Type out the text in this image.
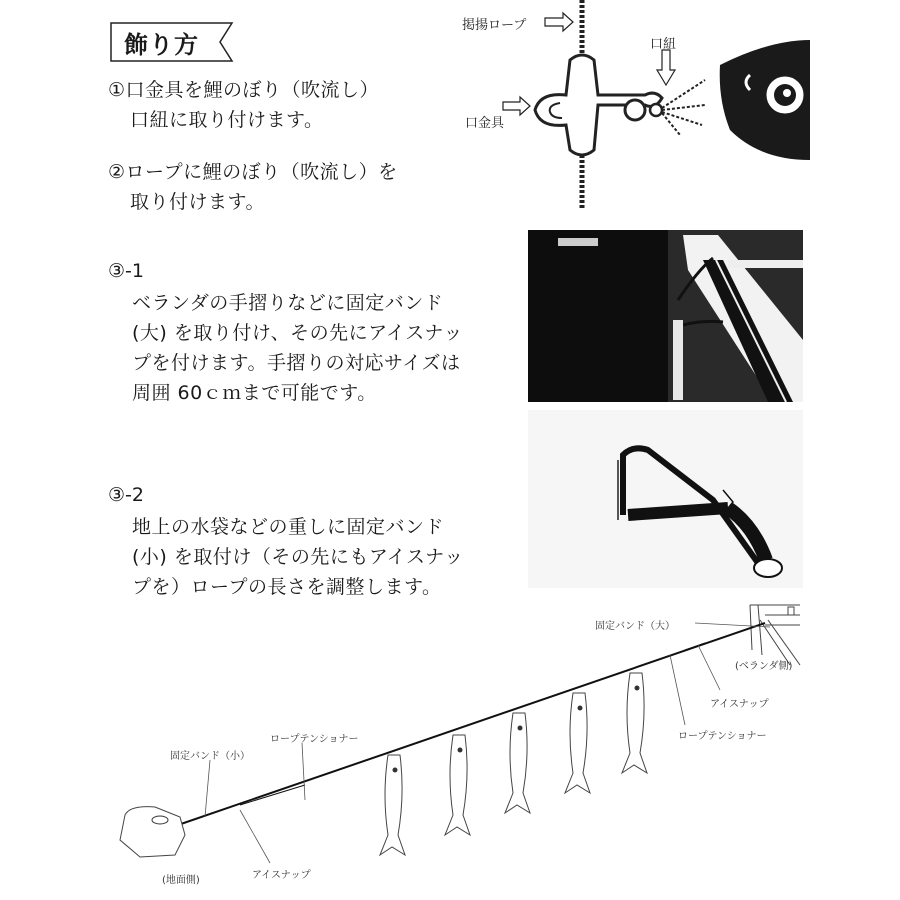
飾り方
①口金具を鯉のぼり（吹流し）
口紐に取り付けます。
②ロープに鯉のぼり（吹流し）を
取り付けます。
③-1
ベランダの手摺りなどに固定バンド
(大) を取り付け、その先にアイスナッ
プを付けます。手摺りの対応サイズは
周囲 60ｃｍまで可能です。
③-2
地上の水袋などの重しに固定バンド
(小) を取付け（その先にもアイスナッ
プを）ロープの長さを調整します。
掲揚ロープ
口紐
口金具
固定バンド（大）
(ベランダ側)
アイスナップ
ロープテンショナー
ロープテンショナー
固定バンド（小）
(地面側)	アイスナップ
